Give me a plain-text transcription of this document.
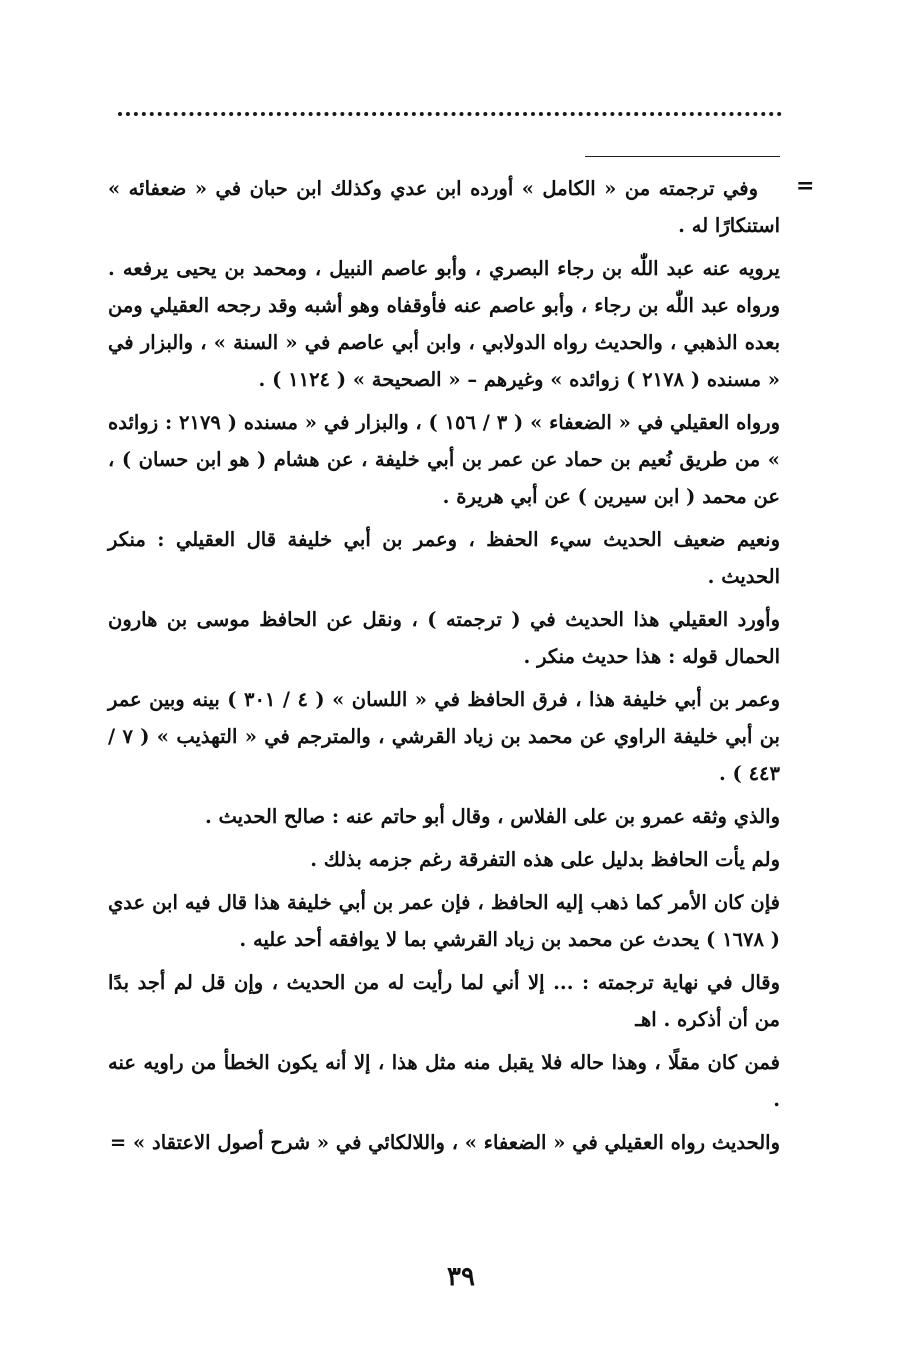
=

وفي ترجمته من « الكامل » أورده ابن عدي وكذلك ابن حبان في « ضعفائه » استنكارًا له .

يرويه عنه عبد اللّٰه بن رجاء البصري ، وأبو عاصم النبيل ، ومحمد بن يحيى يرفعه . ورواه عبد اللّٰه بن رجاء ، وأبو عاصم عنه فأوقفاه وهو أشبه وقد رجحه العقيلي ومن بعده الذهبي ، والحديث رواه الدولابي ، وابن أبي عاصم في « السنة » ، والبزار في « مسنده ( ٢١٧٨ ) زوائده » وغيرهم – « الصحيحة » ( ١١٢٤ ) .

ورواه العقيلي في « الضعفاء » ( ٣ / ١٥٦ ) ، والبزار في « مسنده ( ٢١٧٩ : زوائده » من طريق نُعيم بن حماد عن عمر بن أبي خليفة ، عن هشام ( هو ابن حسان ) ، عن محمد ( ابن سيرين ) عن أبي هريرة .

ونعيم ضعيف الحديث سيء الحفظ ، وعمر بن أبي خليفة قال العقيلي : منكر الحديث .

وأورد العقيلي هذا الحديث في ( ترجمته ) ، ونقل عن الحافظ موسى بن هارون الحمال قوله : هذا حديث منكر .

وعمر بن أبي خليفة هذا ، فرق الحافظ في « اللسان » ( ٤ / ٣٠١ ) بينه وبين عمر بن أبي خليفة الراوي عن محمد بن زياد القرشي ، والمترجم في « التهذيب » ( ٧ / ٤٤٣ ) .

والذي وثقه عمرو بن على الفلاس ، وقال أبو حاتم عنه : صالح الحديث .

ولم يأت الحافظ بدليل على هذه التفرقة رغم جزمه بذلك .

فإن كان الأمر كما ذهب إليه الحافظ ، فإن عمر بن أبي خليفة هذا قال فيه ابن عدي ( ١٦٧٨ ) يحدث عن محمد بن زياد القرشي بما لا يوافقه أحد عليه .

وقال في نهاية ترجمته : ... إلا أني لما رأيت له من الحديث ، وإن قل لم أجد بدًا من أن أذكره . اهـ

فمن كان مقلًا ، وهذا حاله فلا يقبل منه مثل هذا ، إلا أنه يكون الخطأ من راويه عنه .

والحديث رواه العقيلي في « الضعفاء » ، واللالكائي في « شرح أصول الاعتقاد » =

٣٩
